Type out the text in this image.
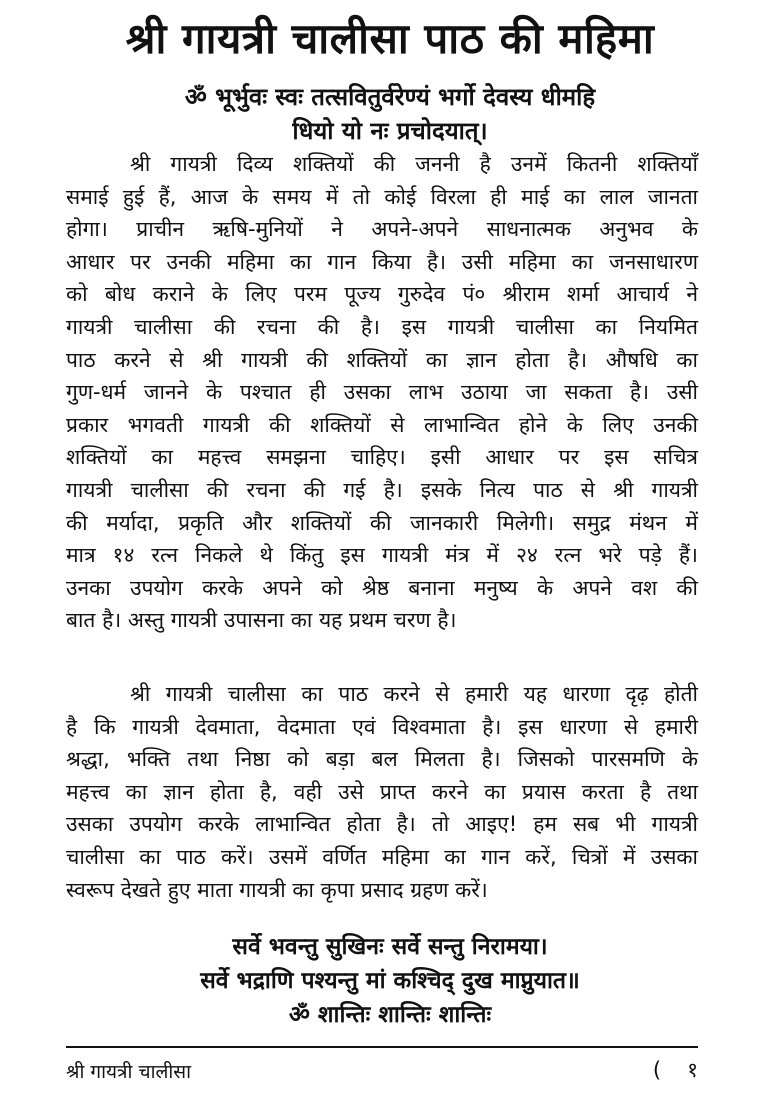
श्री गायत्री चालीसा पाठ की महिमा
ॐ भूर्भुवः स्वः तत्सवितुर्वरेण्यं भर्गो देवस्य धीमहि
धियो यो नः प्रचोदयात्।
श्री गायत्री दिव्य शक्तियों की जननी है उनमें कितनी शक्तियाँ
समाई हुई हैं, आज के समय में तो कोई विरला ही माई का लाल जानता
होगा। प्राचीन ऋषि-मुनियों ने अपने-अपने साधनात्मक अनुभव के
आधार पर उनकी महिमा का गान किया है। उसी महिमा का जनसाधारण
को बोध कराने के लिए परम पूज्य गुरुदेव पं० श्रीराम शर्मा आचार्य ने
गायत्री चालीसा की रचना की है। इस गायत्री चालीसा का नियमित
पाठ करने से श्री गायत्री की शक्तियों का ज्ञान होता है। औषधि का
गुण-धर्म जानने के पश्चात ही उसका लाभ उठाया जा सकता है। उसी
प्रकार भगवती गायत्री की शक्तियों से लाभान्वित होने के लिए उनकी
शक्तियों का महत्त्व समझना चाहिए। इसी आधार पर इस सचित्र
गायत्री चालीसा की रचना की गई है। इसके नित्य पाठ से श्री गायत्री
की मर्यादा, प्रकृति और शक्तियों की जानकारी मिलेगी। समुद्र मंथन में
मात्र १४ रत्न निकले थे किंतु इस गायत्री मंत्र में २४ रत्न भरे पड़े हैं।
उनका उपयोग करके अपने को श्रेष्ठ बनाना मनुष्य के अपने वश की
बात है। अस्तु गायत्री उपासना का यह प्रथम चरण है।
श्री गायत्री चालीसा का पाठ करने से हमारी यह धारणा दृढ़ होती
है कि गायत्री देवमाता, वेदमाता एवं विश्वमाता है। इस धारणा से हमारी
श्रद्धा, भक्ति तथा निष्ठा को बड़ा बल मिलता है। जिसको पारसमणि के
महत्त्व का ज्ञान होता है, वही उसे प्राप्त करने का प्रयास करता है तथा
उसका उपयोग करके लाभान्वित होता है। तो आइए! हम सब भी गायत्री
चालीसा का पाठ करें। उसमें वर्णित महिमा का गान करें, चित्रों में उसका
स्वरूप देखते हुए माता गायत्री का कृपा प्रसाद ग्रहण करें।
सर्वे भवन्तु सुखिनः सर्वे सन्तु निरामया।
सर्वे भद्राणि पश्यन्तु मां कश्चिद् दुख माप्नुयात॥
ॐ शान्तिः शान्तिः शान्तिः
श्री गायत्री चालीसा	( १
